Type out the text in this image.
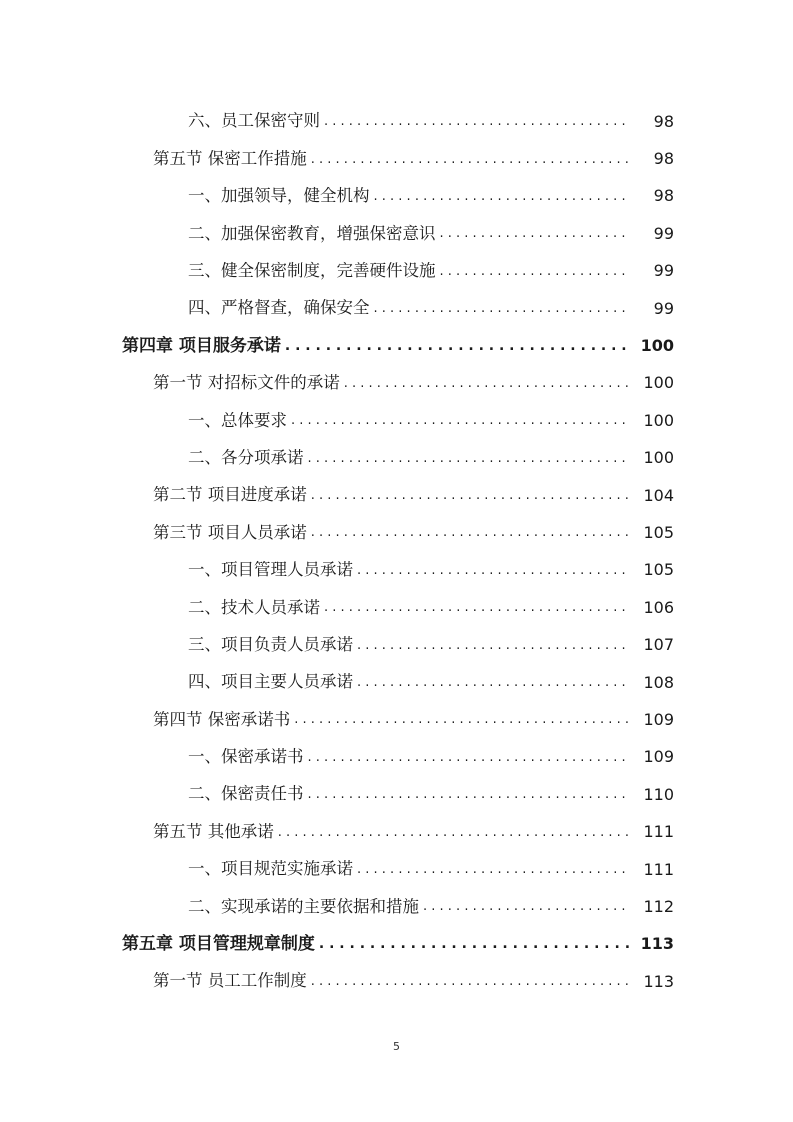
六、员工保密守则 . . .	98
第五节 保密工作措施 . . .	98
一、加强领导，健全机构 . . .	98
二、加强保密教育，增强保密意识 . . .	99
三、健全保密制度，完善硬件设施 . . .	99
四、严格督查，确保安全 . . .	99
第四章 项目服务承诺 . . .	100
第一节 对招标文件的承诺 . . .	100
一、总体要求 . . .	100
二、各分项承诺 . . .	100
第二节 项目进度承诺 . . .	104
第三节 项目人员承诺 . . .	105
一、项目管理人员承诺 . . .	105
二、技术人员承诺 . . .	106
三、项目负责人员承诺 . . .	107
四、项目主要人员承诺 . . .	108
第四节 保密承诺书 . . .	109
一、保密承诺书 . . .	109
二、保密责任书 . . .	110
第五节 其他承诺 . . .	111
一、项目规范实施承诺 . . .	111
二、实现承诺的主要依据和措施 . . .	112
第五章 项目管理规章制度 . . .	113
第一节 员工工作制度 . . .	113
5
